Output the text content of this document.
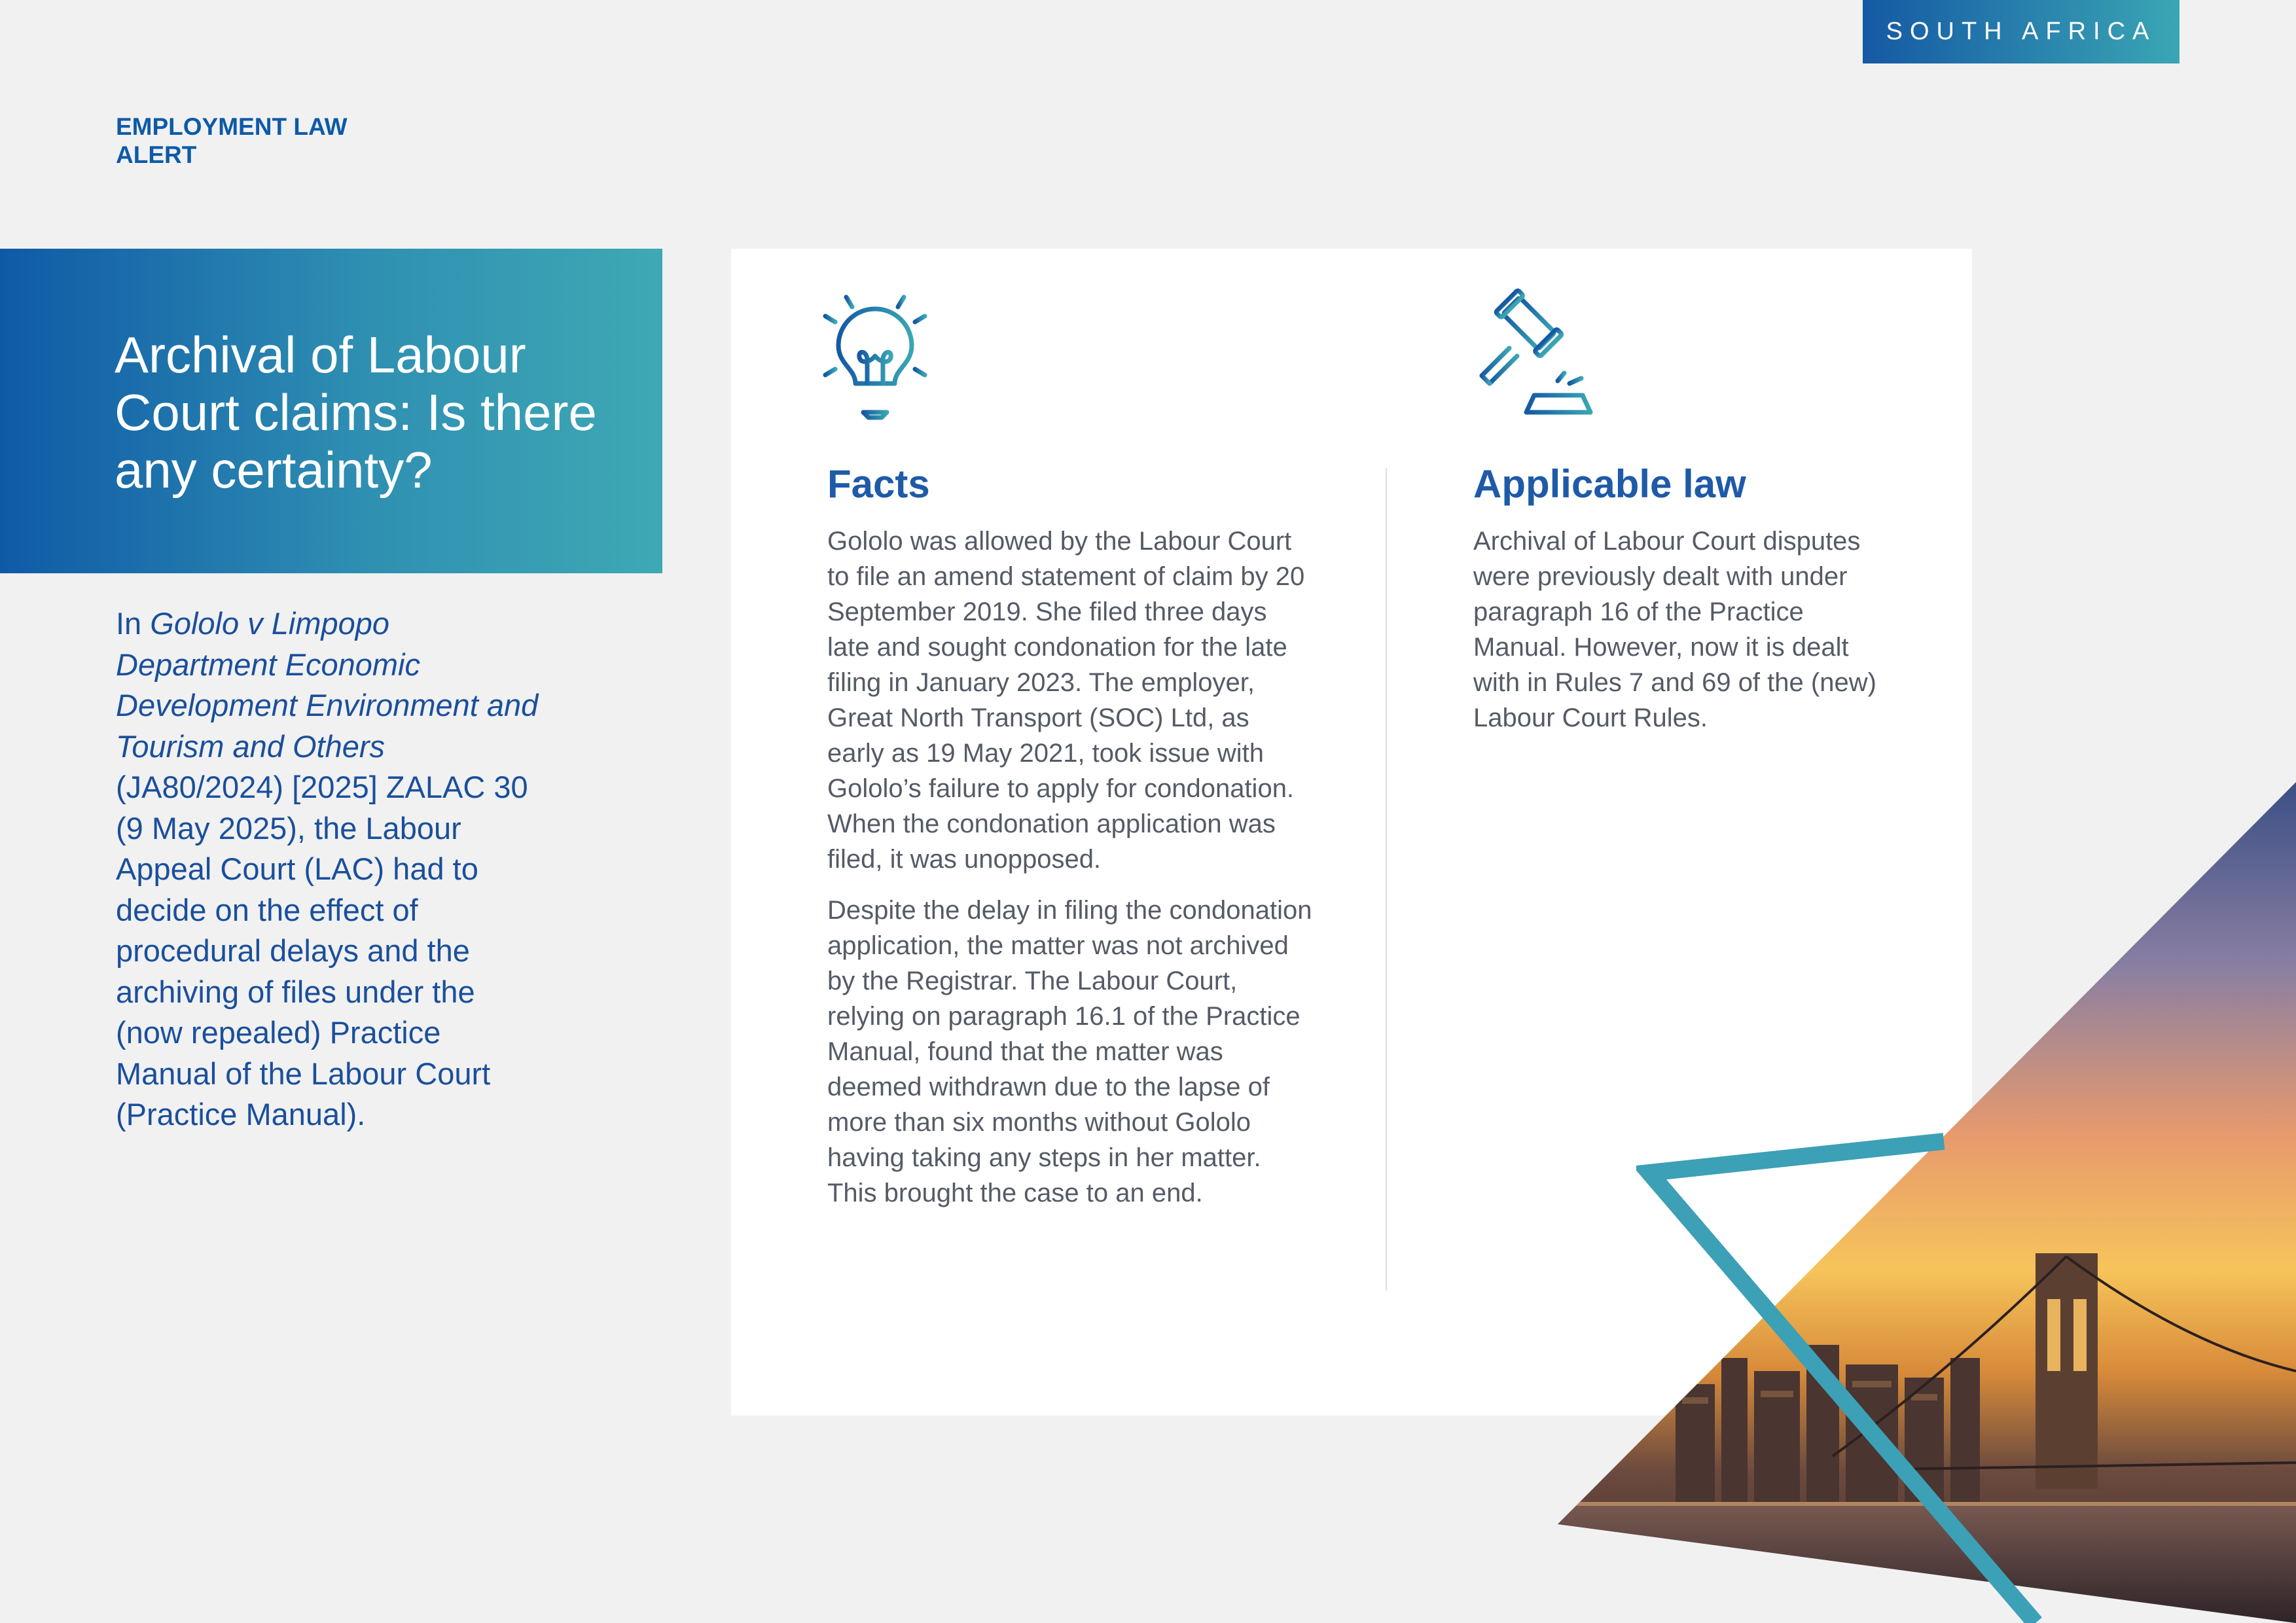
SOUTH AFRICA
EMPLOYMENT LAW
ALERT
Archival of Labour Court claims: Is there any certainty?
In Gololo v Limpopo Department Economic Development Environment and Tourism and Others (JA80/2024) [2025] ZALAC 30 (9 May 2025), the Labour Appeal Court (LAC) had to decide on the effect of procedural delays and the archiving of files under the (now repealed) Practice Manual of the Labour Court (Practice Manual).
Facts

Gololo was allowed by the Labour Court to file an amend statement of claim by 20 September 2019. She filed three days late and sought condonation for the late filing in January 2023. The employer, Great North Transport (SOC) Ltd, as early as 19 May 2021, took issue with Gololo’s failure to apply for condonation. When the condonation application was filed, it was unopposed.

Despite the delay in filing the condonation application, the matter was not archived by the Registrar. The Labour Court, relying on paragraph 16.1 of the Practice Manual, found that the matter was deemed withdrawn due to the lapse of more than six months without Gololo having taking any steps in her matter. This brought the case to an end.

Applicable law

Archival of Labour Court disputes were previously dealt with under paragraph 16 of the Practice Manual. However, now it is dealt with in Rules 7 and 69 of the (new) Labour Court Rules.
